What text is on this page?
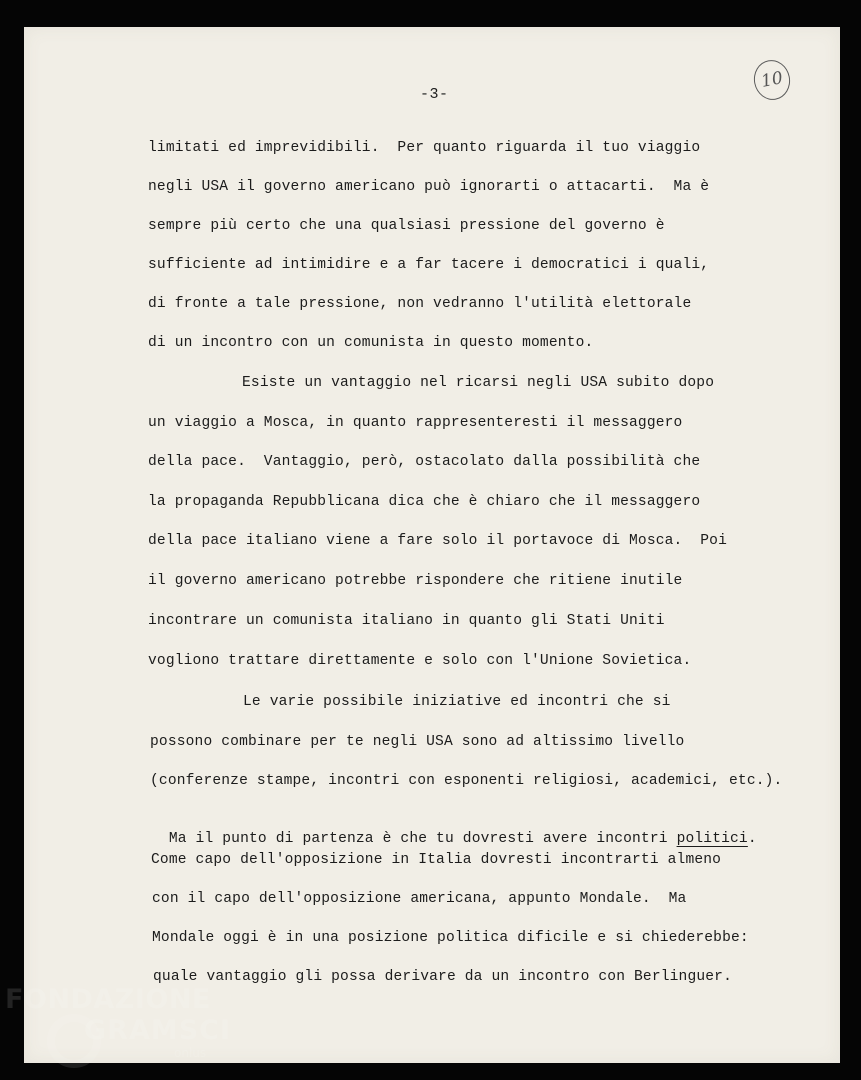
-3-
10
limitati ed imprevidibili.  Per quanto riguarda il tuo viaggio
negli USA il governo americano può ignorarti o attacarti.  Ma è
sempre più certo che una qualsiasi pressione del governo è
sufficiente ad intimidire e a far tacere i democratici i quali,
di fronte a tale pressione, non vedranno l'utilità elettorale
di un incontro con un comunista in questo momento.
Esiste un vantaggio nel ricarsi negli USA subito dopo
un viaggio a Mosca, in quanto rappresenteresti il messaggero
della pace.  Vantaggio, però, ostacolato dalla possibilità che
la propaganda Repubblicana dica che è chiaro che il messaggero
della pace italiano viene a fare solo il portavoce di Mosca.  Poi
il governo americano potrebbe rispondere che ritiene inutile
incontrare un comunista italiano in quanto gli Stati Uniti
vogliono trattare direttamente e solo con l'Unione Sovietica.
Le varie possibile iniziative ed incontri che si
possono combinare per te negli USA sono ad altissimo livello
(conferenze stampe, incontri con esponenti religiosi, academici, etc.).

Ma il punto di partenza è che tu dovresti avere incontri politici.

Come capo dell'opposizione in Italia dovresti incontrarti almeno
con il capo dell'opposizione americana, appunto Mondale.  Ma
Mondale oggi è in una posizione politica dificile e si chiederebbe:
quale vantaggio gli possa derivare da un incontro con Berlinguer.
FONDAZIONE
GRAMSCI
onlus
